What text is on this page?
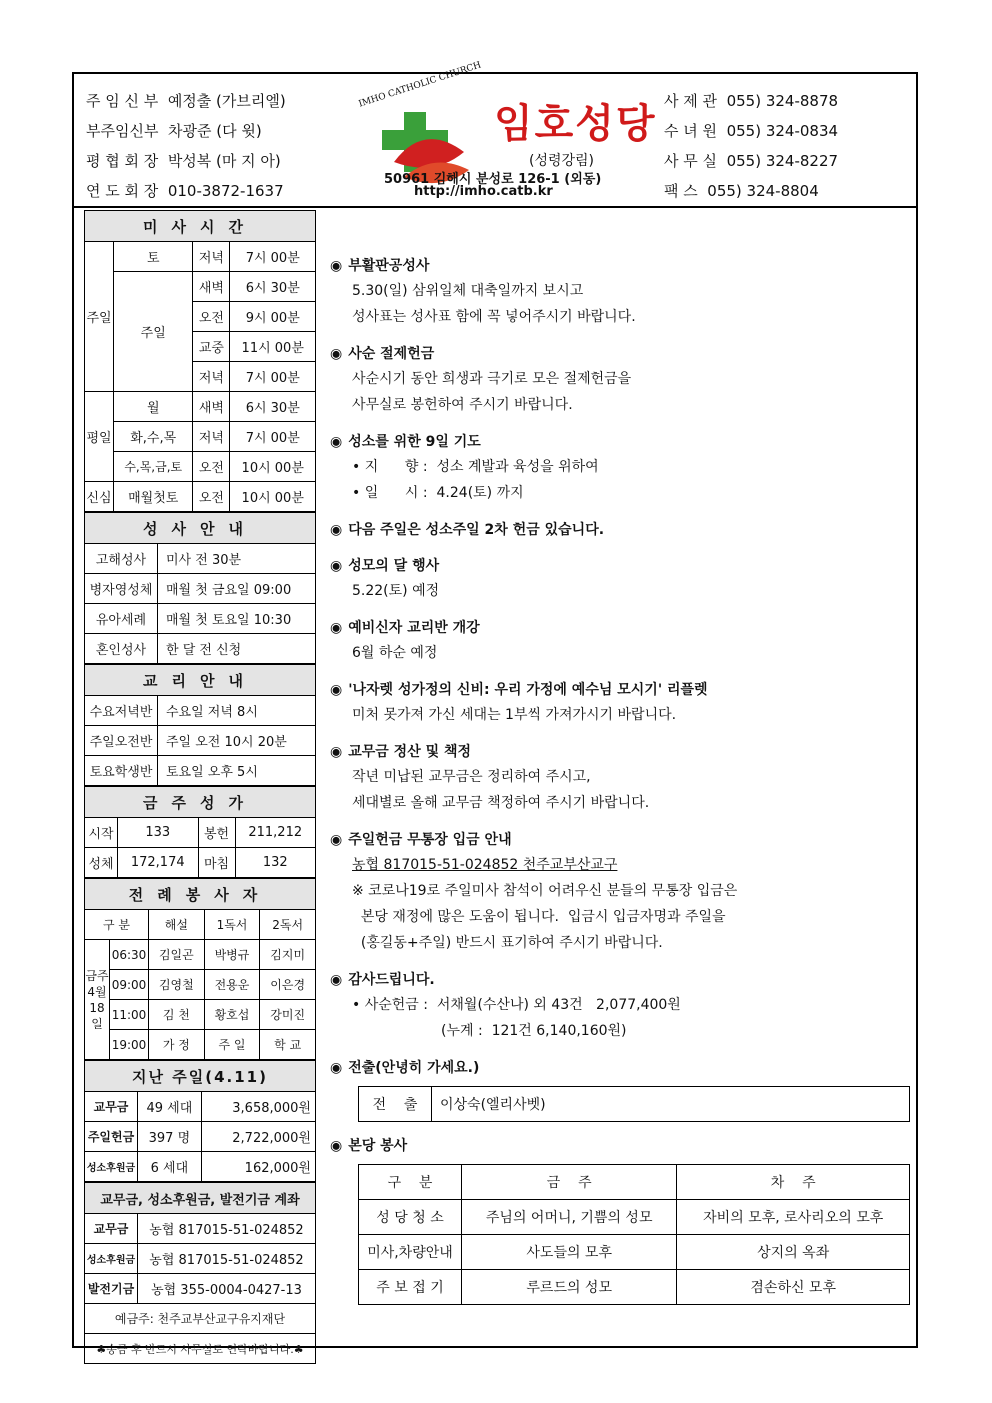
주 임 신 부 예정출 (가브리엘)
부주임신부 차광준 (다 윗)
평 협 회 장 박성복 (마 지 아)
연 도 회 장 010-3872-1637
IMHO CATHOLIC CHURCH
임호성당
(성령강림)
50961 김해시 분성로 126-1 (외동)
http://imho.catb.kr
사 제 관 055) 324-8878
수 녀 원 055) 324-0834
사 무 실 055) 324-8227
팩 스 055) 324-8804
미사시간			
주일	토	저녁	7시 00분
	주일	새벽	6시 30분
		오전	9시 00분
		교중	11시 00분
		저녁	7시 00분
평일	월	새벽	6시 30분
	화,수,목	저녁	7시 00분
	수,목,금,토	오전	10시 00분
신심	매월첫토	오전	10시 00분
성사안내	
고해성사	미사 전 30분
병자영성체	매월 첫 금요일 09:00
유아세례	매월 첫 토요일 10:30
혼인성사	한 달 전 신청
교리안내	
수요저녁반	수요일 저녁 8시
주일오전반	주일 오전 10시 20분
토요학생반	토요일 오후 5시
금주성가			
시작	133	봉헌	211,212
성체	172,174	마침	132
전례봉사자				
구 분		해설	1독서	2독서
금주 4월 18일	06:30	김일곤	박병규	김지미
	09:00	김영철	전용운	이은경
	11:00	김 천	황호섭	강미진
	19:00	가 정	주 일	학 교
지난 주일(4.11)		
교무금	49 세대	3,658,000원
주일헌금	397 명	2,722,000원
성소후원금	6 세대	162,000원
교무금, 성소후원금, 발전기금 계좌	
교무금	농협 817015-51-024852
성소후원금	농협 817015-51-024852
발전기금	농협 355-0004-0427-13
예금주: 천주교부산교구유지재단	
♣송금 후 반드시 사무실로 연락바랍니다.♣	
◉ 부활판공성사
5.30(일) 삼위일체 대축일까지 보시고
성사표는 성사표 함에 꼭 넣어주시기 바랍니다.
◉ 사순 절제헌금
사순시기 동안 희생과 극기로 모은 절제헌금을
사무실로 봉헌하여 주시기 바랍니다.
◉ 성소를 위한 9일 기도
• 지      향 :  성소 계발과 육성을 위하여
• 일      시 :  4.24(토) 까지
◉ 다음 주일은 성소주일 2차 헌금 있습니다.
◉ 성모의 달 행사
5.22(토) 예정
◉ 예비신자 교리반 개강
6월 하순 예정
◉ '나자렛 성가정의 신비: 우리 가정에 예수님 모시기' 리플렛
미처 못가져 가신 세대는 1부씩 가져가시기 바랍니다.
◉ 교무금 정산 및 책정
작년 미납된 교무금은 정리하여 주시고,
세대별로 올해 교무금 책정하여 주시기 바랍니다.
◉ 주일헌금 무통장 입금 안내
농협 817015-51-024852 천주교부산교구
※ 코로나19로 주일미사 참석이 어려우신 분들의 무통장 입금은
본당 재정에 많은 도움이 됩니다.  입금시 입금자명과 주일을
(홍길동+주일) 반드시 표기하여 주시기 바랍니다.
◉ 감사드립니다.
• 사순헌금 :  서채월(수산나) 외 43건   2,077,400원
(누계 :  121건 6,140,160원)
◉ 전출(안녕히 가세요.)
전    출	이상숙(엘리사벳)
◉ 본당 봉사
구    분	금    주	차    주
성 당 청 소	주님의 어머니, 기쁨의 성모	자비의 모후, 로사리오의 모후
미사,차량안내	사도들의 모후	상지의 옥좌
주 보 접 기	루르드의 성모	겸손하신 모후
